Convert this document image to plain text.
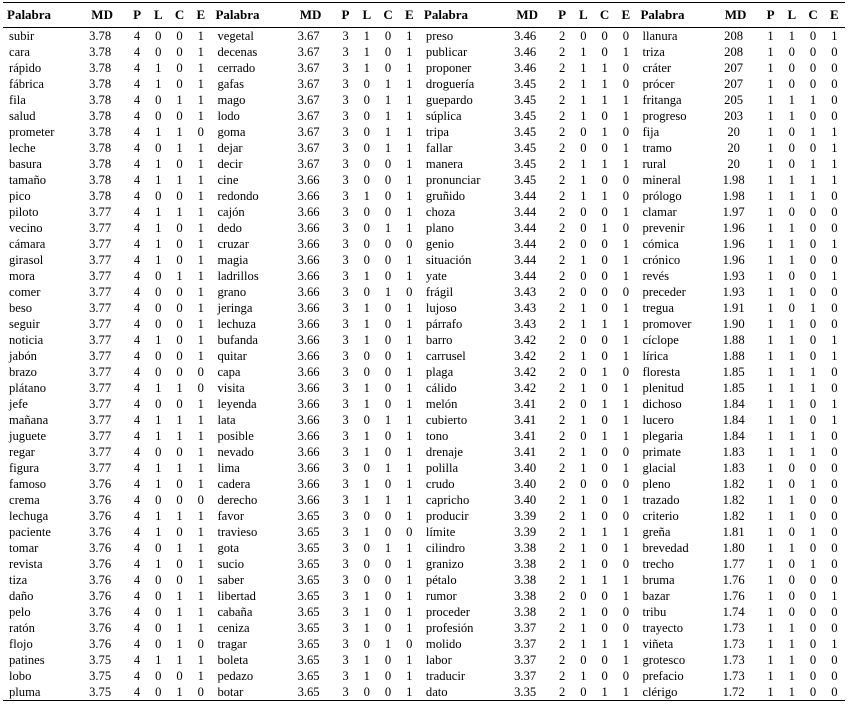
Palabra	MD	P	L	C	E	Palabra	MD	P	L	C	E	Palabra	MD	P	L	C	E	Palabra	MD	P	L	C	E
subir	3.78	4	0	0	1	vegetal	3.67	3	1	0	1	preso	3.46	2	0	0	0	llanura	208	1	1	0	1
cara	3.78	4	0	0	1	decenas	3.67	3	1	0	1	publicar	3.46	2	1	0	1	triza	208	1	0	0	0
rápido	3.78	4	1	0	1	cerrado	3.67	3	1	0	1	proponer	3.46	2	1	1	0	cráter	207	1	0	0	0
fábrica	3.78	4	1	0	1	gafas	3.67	3	0	1	1	droguería	3.45	2	1	1	0	prócer	207	1	0	0	0
fila	3.78	4	0	1	1	mago	3.67	3	0	1	1	guepardo	3.45	2	1	1	1	fritanga	205	1	1	1	0
salud	3.78	4	0	0	1	lodo	3.67	3	0	1	1	súplica	3.45	2	1	0	1	progreso	203	1	1	0	0
prometer	3.78	4	1	1	0	goma	3.67	3	0	1	1	tripa	3.45	2	0	1	0	fija	20	1	0	1	1
leche	3.78	4	0	1	1	dejar	3.67	3	0	1	1	fallar	3.45	2	0	0	1	tramo	20	1	0	0	1
basura	3.78	4	1	0	1	decir	3.67	3	0	0	1	manera	3.45	2	1	1	1	rural	20	1	0	1	1
tamaño	3.78	4	1	1	1	cine	3.66	3	0	0	1	pronunciar	3.45	2	1	0	0	mineral	1.98	1	1	1	1
pico	3.78	4	0	0	1	redondo	3.66	3	1	0	1	gruñido	3.44	2	1	1	0	prólogo	1.98	1	1	1	0
piloto	3.77	4	1	1	1	cajón	3.66	3	0	0	1	choza	3.44	2	0	0	1	clamar	1.97	1	0	0	0
vecino	3.77	4	1	0	1	dedo	3.66	3	0	1	1	plano	3.44	2	0	1	0	prevenir	1.96	1	1	0	0
cámara	3.77	4	1	0	1	cruzar	3.66	3	0	0	0	genio	3.44	2	0	0	1	cómica	1.96	1	1	0	1
girasol	3.77	4	1	0	1	magia	3.66	3	0	0	1	situación	3.44	2	1	0	1	crónico	1.96	1	1	0	0
mora	3.77	4	0	1	1	ladrillos	3.66	3	1	0	1	yate	3.44	2	0	0	1	revés	1.93	1	0	0	1
comer	3.77	4	0	0	1	grano	3.66	3	0	1	0	frágil	3.43	2	0	0	0	preceder	1.93	1	1	0	0
beso	3.77	4	0	0	1	jeringa	3.66	3	1	0	1	lujoso	3.43	2	1	0	1	tregua	1.91	1	0	1	0
seguir	3.77	4	0	0	1	lechuza	3.66	3	1	0	1	párrafo	3.43	2	1	1	1	promover	1.90	1	1	0	0
noticia	3.77	4	1	0	1	bufanda	3.66	3	1	0	1	barro	3.42	2	0	0	1	cíclope	1.88	1	1	0	1
jabón	3.77	4	0	0	1	quitar	3.66	3	0	0	1	carrusel	3.42	2	1	0	1	lírica	1.88	1	1	0	1
brazo	3.77	4	0	0	0	capa	3.66	3	0	0	1	plaga	3.42	2	0	1	0	floresta	1.85	1	1	1	0
plátano	3.77	4	1	1	0	visita	3.66	3	1	0	1	cálido	3.42	2	1	0	1	plenitud	1.85	1	1	1	0
jefe	3.77	4	0	0	1	leyenda	3.66	3	1	0	1	melón	3.41	2	0	1	1	dichoso	1.84	1	1	0	1
mañana	3.77	4	1	1	1	lata	3.66	3	0	1	1	cubierto	3.41	2	1	0	1	lucero	1.84	1	1	0	1
juguete	3.77	4	1	1	1	posible	3.66	3	1	0	1	tono	3.41	2	0	1	1	plegaria	1.84	1	1	1	0
regar	3.77	4	0	0	1	nevado	3.66	3	1	0	1	drenaje	3.41	2	1	0	0	primate	1.83	1	1	1	0
figura	3.77	4	1	1	1	lima	3.66	3	0	1	1	polilla	3.40	2	1	0	1	glacial	1.83	1	0	0	0
famoso	3.76	4	1	0	1	cadera	3.66	3	1	0	1	crudo	3.40	2	0	0	0	pleno	1.82	1	0	1	0
crema	3.76	4	0	0	0	derecho	3.66	3	1	1	1	capricho	3.40	2	1	0	1	trazado	1.82	1	1	0	0
lechuga	3.76	4	1	1	1	favor	3.65	3	0	0	1	producir	3.39	2	1	0	0	criterio	1.82	1	1	0	0
paciente	3.76	4	1	0	1	travieso	3.65	3	1	0	0	límite	3.39	2	1	1	1	greña	1.81	1	0	1	0
tomar	3.76	4	0	1	1	gota	3.65	3	0	1	1	cilindro	3.38	2	1	0	1	brevedad	1.80	1	1	0	0
revista	3.76	4	1	0	1	sucio	3.65	3	0	0	1	granizo	3.38	2	1	0	0	trecho	1.77	1	0	1	0
tiza	3.76	4	0	0	1	saber	3.65	3	0	0	1	pétalo	3.38	2	1	1	1	bruma	1.76	1	0	0	0
daño	3.76	4	0	1	1	libertad	3.65	3	1	0	1	rumor	3.38	2	0	0	1	bazar	1.76	1	0	0	1
pelo	3.76	4	0	1	1	cabaña	3.65	3	1	0	1	proceder	3.38	2	1	0	0	tribu	1.74	1	0	0	0
ratón	3.76	4	0	1	1	ceniza	3.65	3	1	0	1	profesión	3.37	2	1	0	0	trayecto	1.73	1	1	0	0
flojo	3.76	4	0	1	0	tragar	3.65	3	0	1	0	molido	3.37	2	1	1	1	viñeta	1.73	1	1	0	1
patines	3.75	4	1	1	1	boleta	3.65	3	1	0	1	labor	3.37	2	0	0	1	grotesco	1.73	1	1	0	0
lobo	3.75	4	0	0	1	pedazo	3.65	3	1	0	1	traducir	3.37	2	1	0	0	prefacio	1.73	1	1	0	0
pluma	3.75	4	0	1	0	botar	3.65	3	0	0	1	dato	3.35	2	0	1	1	clérigo	1.72	1	1	0	0
